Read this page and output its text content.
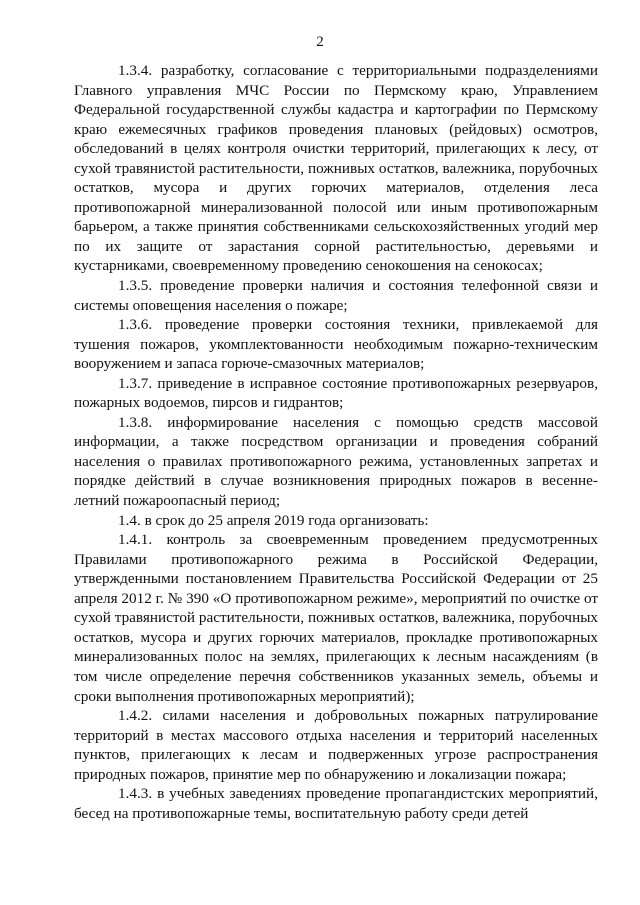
2

1.3.4. разработку, согласование с территориальными подразделениями Главного управления МЧС России по Пермскому краю, Управлением Федеральной государственной службы кадастра и картографии по Пермскому краю ежемесячных графиков проведения плановых (рейдовых) осмотров, обследований в целях контроля очистки территорий, прилегающих к лесу, от сухой травянистой растительности, пожнивых остатков, валежника, порубочных остатков, мусора и других горючих материалов, отделения леса противопожарной минерализованной полосой или иным противопожарным барьером, а также принятия собственниками сельскохозяйственных угодий мер по их защите от зарастания сорной растительностью, деревьями и кустарниками, своевременному проведению сенокошения на сенокосах;

1.3.5. проведение проверки наличия и состояния телефонной связи и системы оповещения населения о пожаре;

1.3.6. проведение проверки состояния техники, привлекаемой для тушения пожаров, укомплектованности необходимым пожарно-техническим вооружением и запаса горюче-смазочных материалов;

1.3.7. приведение в исправное состояние противопожарных резервуаров, пожарных водоемов, пирсов и гидрантов;

1.3.8. информирование населения с помощью средств массовой информации, а также посредством организации и проведения собраний населения о правилах противопожарного режима, установленных запретах и порядке действий в случае возникновения природных пожаров в весенне-летний пожароопасный период;

1.4. в срок до 25 апреля 2019 года организовать:

1.4.1. контроль за своевременным проведением предусмотренных Правилами противопожарного режима в Российской Федерации, утвержденными постановлением Правительства Российской Федерации от 25 апреля 2012 г. № 390 «О противопожарном режиме», мероприятий по очистке от сухой травянистой растительности, пожнивых остатков, валежника, порубочных остатков, мусора и других горючих материалов, прокладке противопожарных минерализованных полос на землях, прилегающих к лесным насаждениям (в том числе определение перечня собственников указанных земель, объемы и сроки выполнения противопожарных мероприятий);

1.4.2. силами населения и добровольных пожарных патрулирование территорий в местах массового отдыха населения и территорий населенных пунктов, прилегающих к лесам и подверженных угрозе распространения природных пожаров, принятие мер по обнаружению и локализации пожара;

1.4.3. в учебных заведениях проведение пропагандистских мероприятий, бесед на противопожарные темы, воспитательную работу среди детей
